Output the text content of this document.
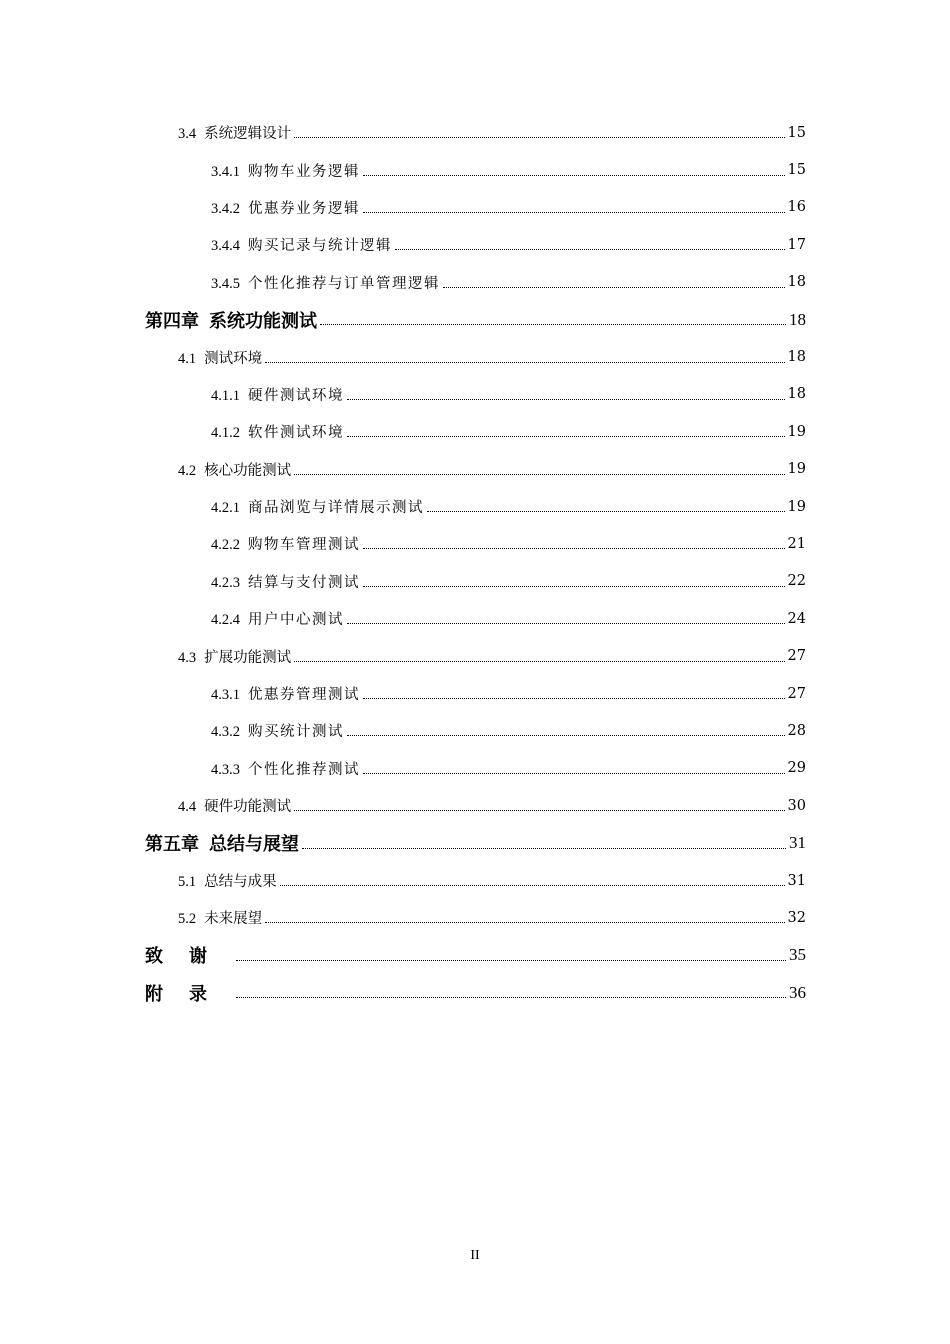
3.4 系统逻辑设计	15
3.4.1 购物车业务逻辑	15
3.4.2 优惠券业务逻辑	16
3.4.4 购买记录与统计逻辑	17
3.4.5 个性化推荐与订单管理逻辑	18
第四章 系统功能测试	18
4.1 测试环境	18
4.1.1 硬件测试环境	18
4.1.2 软件测试环境	19
4.2 核心功能测试	19
4.2.1 商品浏览与详情展示测试	19
4.2.2 购物车管理测试	21
4.2.3 结算与支付测试	22
4.2.4 用户中心测试	24
4.3 扩展功能测试	27
4.3.1 优惠券管理测试	27
4.3.2 购买统计测试	28
4.3.3 个性化推荐测试	29
4.4 硬件功能测试	30
第五章 总结与展望	31
5.1 总结与成果	31
5.2 未来展望	32
致谢	35
附录	36
II
